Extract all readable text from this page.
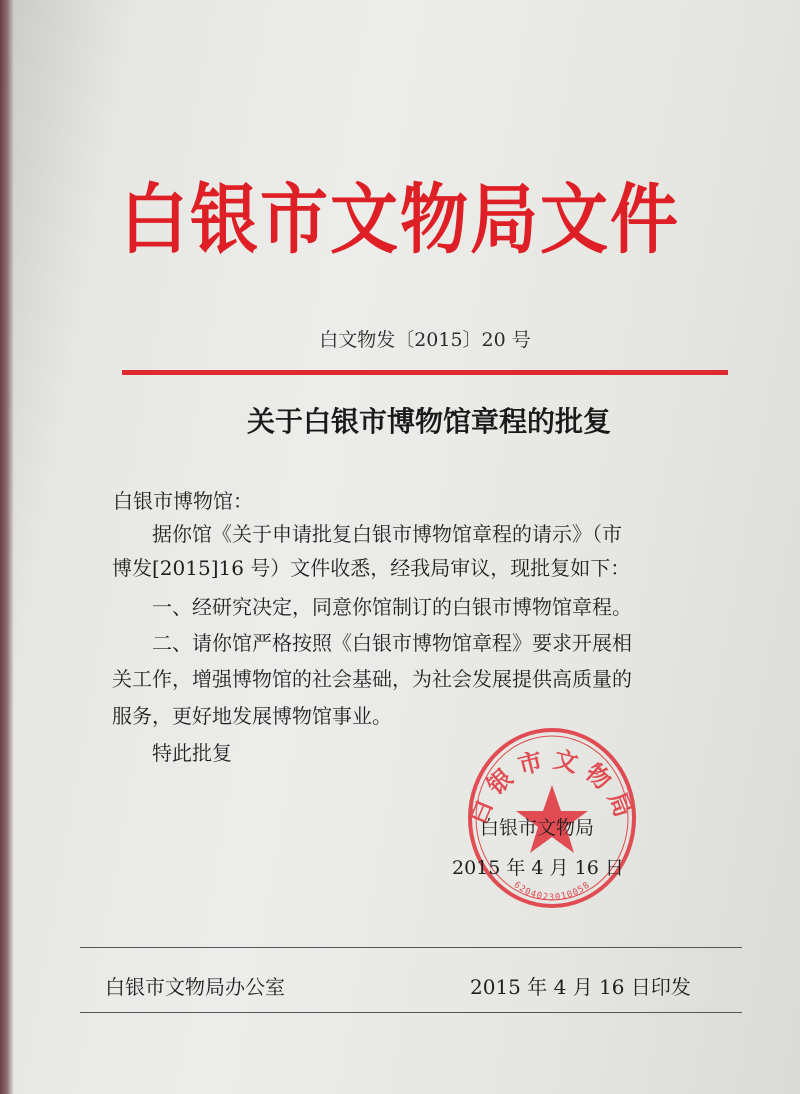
白银市文物局文件
白文物发〔2015〕20 号
关于白银市博物馆章程的批复
白银市博物馆：
据你馆《关于申请批复白银市博物馆章程的请示》（市
博发[2015]16 号）文件收悉，经我局审议，现批复如下：
一、经研究决定，同意你馆制订的白银市博物馆章程。
二、请你馆严格按照《白银市博物馆章程》要求开展相
关工作，增强博物馆的社会基础，为社会发展提供高质量的
服务，更好地发展博物馆事业。
特此批复
白银市文物局
6204023010058
白银市文物局
2015 年 4 月 16 日
白银市文物局办公室	2015 年 4 月 16 日印发
